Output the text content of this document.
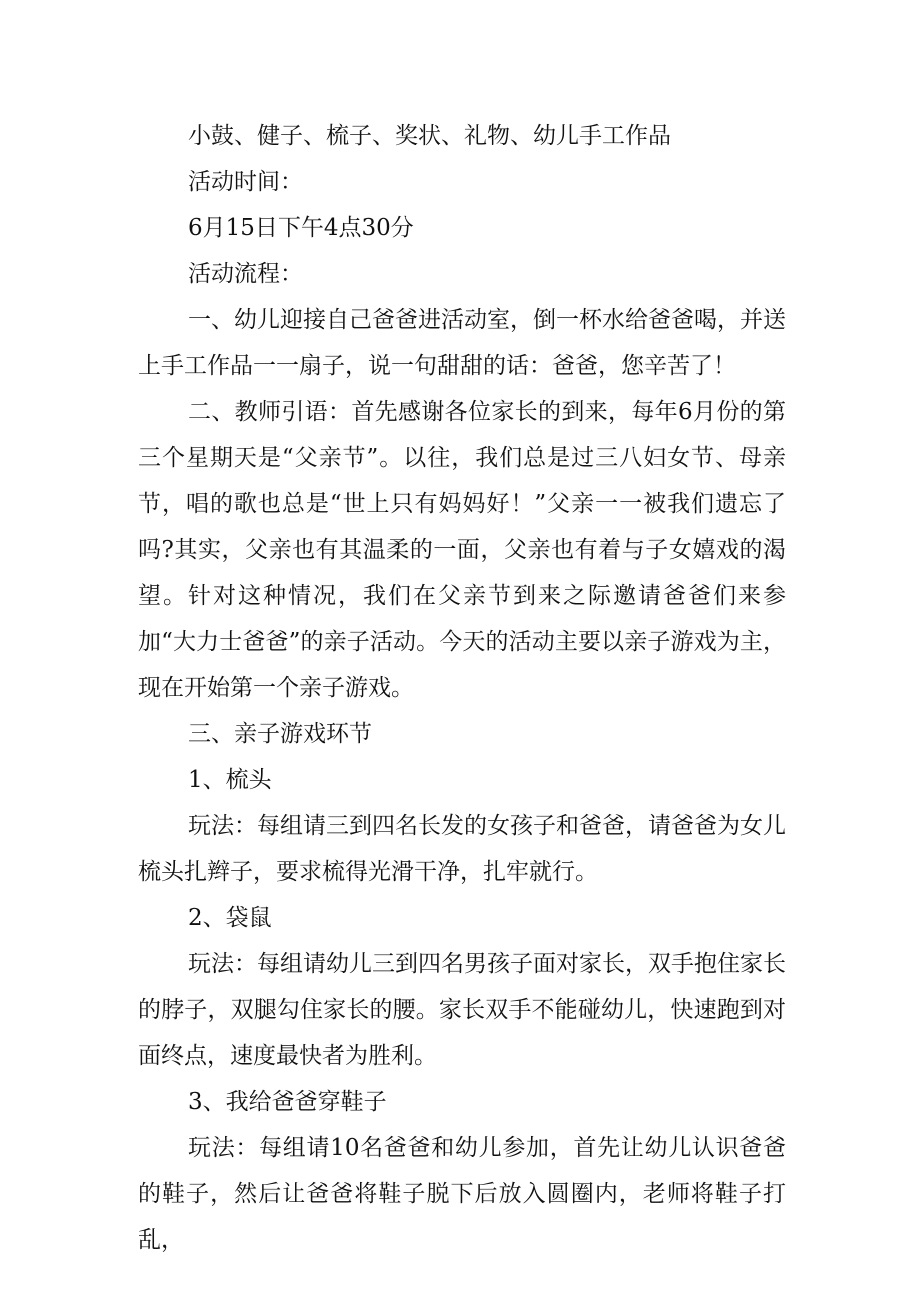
小鼓、健子、梳子、奖状、礼物、幼儿手工作品

活动时间：

6月15日下午4点30分

活动流程：

一、幼儿迎接自己爸爸进活动室，倒一杯水给爸爸喝，并送上手工作品一一扇子，说一句甜甜的话：爸爸，您辛苦了！

二、教师引语：首先感谢各位家长的到来，每年6月份的第三个星期天是“父亲节”。以往，我们总是过三八妇女节、母亲节，唱的歌也总是“世上只有妈妈好！”父亲一一被我们遗忘了吗?其实，父亲也有其温柔的一面，父亲也有着与子女嬉戏的渴望。针对这种情况，我们在父亲节到来之际邀请爸爸们来参加“大力士爸爸”的亲子活动。今天的活动主要以亲子游戏为主，现在开始第一个亲子游戏。

三、亲子游戏环节

1、梳头

玩法：每组请三到四名长发的女孩子和爸爸，请爸爸为女儿梳头扎辫子，要求梳得光滑干净，扎牢就行。

2、袋鼠

玩法：每组请幼儿三到四名男孩子面对家长，双手抱住家长的脖子，双腿勾住家长的腰。家长双手不能碰幼儿，快速跑到对面终点，速度最快者为胜利。

3、我给爸爸穿鞋子

玩法：每组请10名爸爸和幼儿参加，首先让幼儿认识爸爸的鞋子，然后让爸爸将鞋子脱下后放入圆圈内，老师将鞋子打乱，
